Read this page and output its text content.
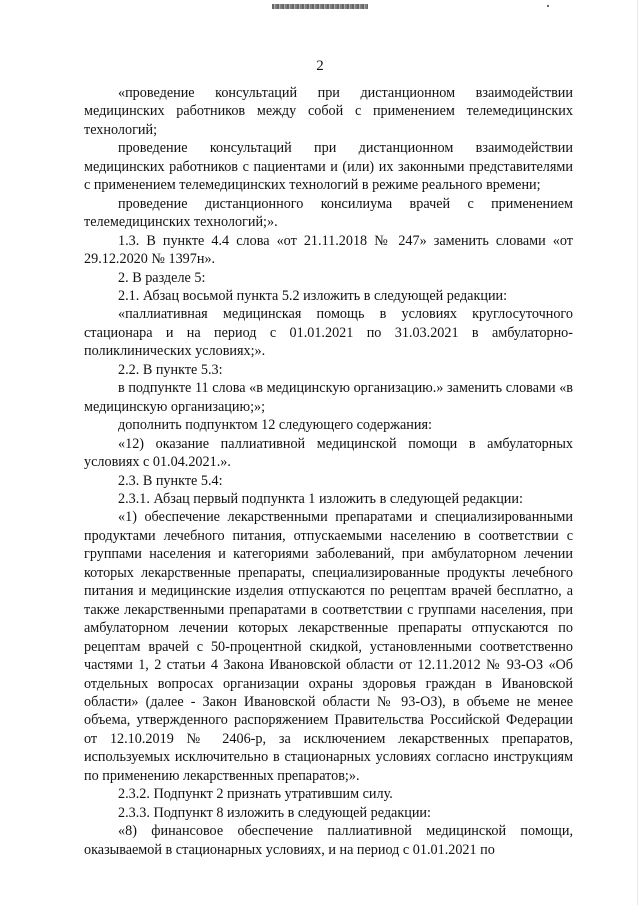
2

«проведение консультаций при дистанционном взаимодействии медицинских работников между собой с применением телемедицинских технологий;

проведение консультаций при дистанционном взаимодействии медицинских работников с пациентами и (или) их законными представителями с применением телемедицинских технологий в режиме реального времени;

проведение дистанционного консилиума врачей с применением телемедицинских технологий;».

1.3. В пункте 4.4 слова «от 21.11.2018 № 247» заменить словами «от 29.12.2020 № 1397н».

2. В разделе 5:

2.1. Абзац восьмой пункта 5.2 изложить в следующей редакции:

«паллиативная медицинская помощь в условиях круглосуточного стационара и на период с 01.01.2021 по 31.03.2021 в амбулаторно-поликлинических условиях;».

2.2. В пункте 5.3:

в подпункте 11 слова «в медицинскую организацию.» заменить словами «в медицинскую организацию;»;

дополнить подпунктом 12 следующего содержания:

«12) оказание паллиативной медицинской помощи в амбулаторных условиях с 01.04.2021.».

2.3. В пункте 5.4:

2.3.1. Абзац первый подпункта 1 изложить в следующей редакции:

«1) обеспечение лекарственными препаратами и специализированными продуктами лечебного питания, отпускаемыми населению в соответствии с группами населения и категориями заболеваний, при амбулаторном лечении которых лекарственные препараты, специализированные продукты лечебного питания и медицинские изделия отпускаются по рецептам врачей бесплатно, а также лекарственными препаратами в соответствии с группами населения, при амбулаторном лечении которых лекарственные препараты отпускаются по рецептам врачей с 50-процентной скидкой, установленными соответственно частями 1, 2 статьи 4 Закона Ивановской области от 12.11.2012 № 93-ОЗ «Об отдельных вопросах организации охраны здоровья граждан в Ивановской области» (далее - Закон Ивановской области № 93-ОЗ), в объеме не менее объема, утвержденного распоряжением Правительства Российской Федерации от 12.10.2019 № 2406-р, за исключением лекарственных препаратов, используемых исключительно в стационарных условиях согласно инструкциям по применению лекарственных препаратов;».

2.3.2. Подпункт 2 признать утратившим силу.

2.3.3. Подпункт 8 изложить в следующей редакции:

«8) финансовое обеспечение паллиативной медицинской помощи, оказываемой в стационарных условиях, и на период с 01.01.2021 по
